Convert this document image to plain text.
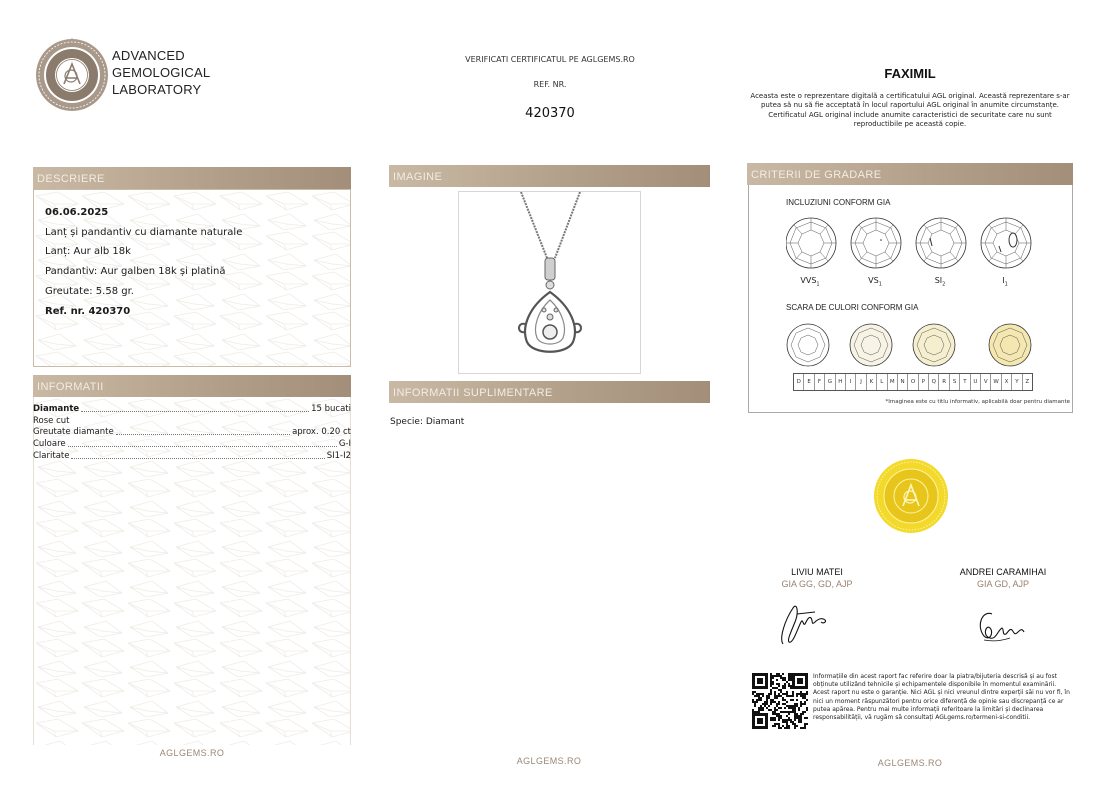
ADVANCED
GEMOLOGICAL
LABORATORY
VERIFICATI CERTIFICATUL PE AGLGEMS.RO
REF. NR.
420370
FAXIMIL
Aceasta este o reprezentare digitală a certificatului AGL original. Această reprezentare s-ar putea să nu să fie acceptată în locul raportului AGL original în anumite circumstanțe. Certificatul AGL original include anumite caracteristici de securitate care nu sunt reproductibile pe această copie.
DESCRIERE
06.06.2025
Lanț și pandantiv cu diamante naturale
Lanț: Aur alb 18k
Pandantiv: Aur galben 18k și platină
Greutate: 5.58 gr.
Ref. nr. 420370
INFORMATII
Diamante	15 bucati
Rose cut
Greutate diamante	aprox. 0.20 ct
Culoare	G-I
Claritate	SI1-I2
AGLGEMS.RO
IMAGINE
INFORMATII SUPLIMENTARE
Specie: Diamant
AGLGEMS.RO
CRITERII DE GRADARE
INCLUZIUNI CONFORM GIA
$VVS_1$	$VS_1$	$SI_2$	$I_1$
SCARA DE CULORI CONFORM GIA
D	E	F	G	H	I	J	K	L	M	N	O	P	Q	R	S	T	U	V	W	X	Y	Z
*Imaginea este cu titlu informativ, aplicabilă doar pentru diamante
LIVIU MATEI
GIA GG, GD, AJP
ANDREI CARAMIHAI
GIA GD, AJP
Informațiile din acest raport fac referire doar la piatra/bijuteria descrisă și au fost obținute utilizând tehnicile și echipamentele disponibile în momentul examinării. Acest raport nu este o garanție. Nici AGL și nici vreunul dintre experții săi nu vor fi, în nici un moment răspunzători pentru orice diferență de opinie sau discrepanță ce ar putea apărea. Pentru mai multe informații referitoare la limitări și declinarea responsabilității, vă rugăm să consultați AGLgems.ro/termeni-si-conditii.
AGLGEMS.RO
